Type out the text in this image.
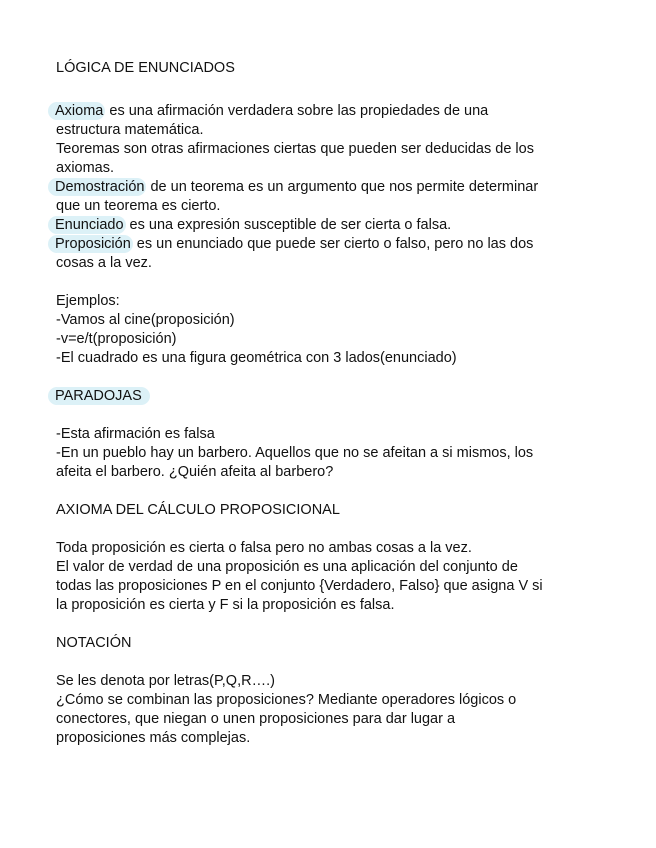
LÓGICA DE ENUNCIADOS

Axioma es una afirmación verdadera sobre las propiedades de una

estructura matemática.

Teoremas son otras afirmaciones ciertas que pueden ser deducidas de los

axiomas.

Demostración de un teorema es un argumento que nos permite determinar

que un teorema es cierto.

Enunciado es una expresión susceptible de ser cierta o falsa.

Proposición es un enunciado que puede ser cierto o falso, pero no las dos

cosas a la vez.

Ejemplos:

-Vamos al cine(proposición)

-v=e/t(proposición)

-El cuadrado es una figura geométrica con 3 lados(enunciado)

PARADOJAS

-Esta afirmación es falsa

-En un pueblo hay un barbero. Aquellos que no se afeitan a si mismos, los

afeita el barbero. ¿Quién afeita al barbero?

AXIOMA DEL CÁLCULO PROPOSICIONAL

Toda proposición es cierta o falsa pero no ambas cosas a la vez.

El valor de verdad de una proposición es una aplicación del conjunto de

todas las proposiciones P en el conjunto {Verdadero, Falso} que asigna V si

la proposición es cierta y F si la proposición es falsa.

NOTACIÓN

Se les denota por letras(P,Q,R….)

¿Cómo se combinan las proposiciones? Mediante operadores lógicos o

conectores, que niegan o unen proposiciones para dar lugar a

proposiciones más complejas.
